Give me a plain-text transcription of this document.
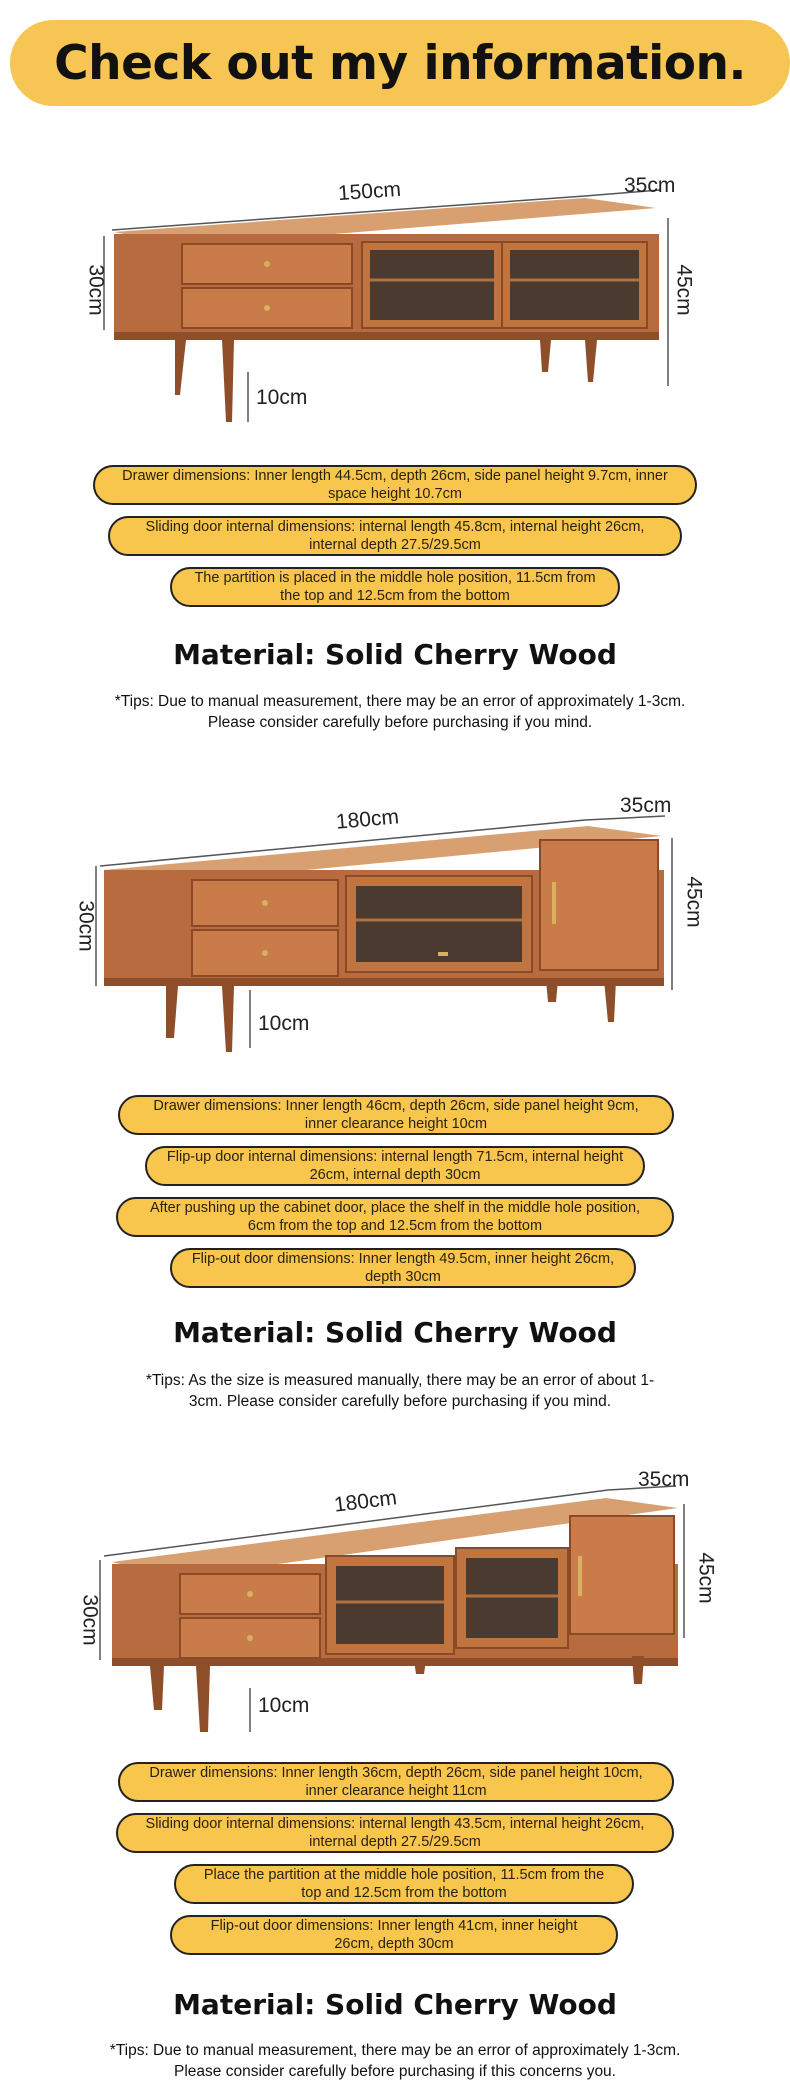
Check out my information.
150cm	35cm
45cm
30cm
10cm
Drawer dimensions: Inner length 44.5cm, depth 26cm, side panel height 9.7cm, inner space height 10.7cm
Sliding door internal dimensions: internal length 45.8cm, internal height 26cm, internal depth 27.5/29.5cm
The partition is placed in the middle hole position, 11.5cm from the top and 12.5cm from the bottom
Material: Solid Cherry Wood
*Tips: Due to manual measurement, there may be an error of approximately 1-3cm. Please consider carefully before purchasing if you mind.
180cm	35cm
45cm
30cm
10cm
Drawer dimensions: Inner length 46cm, depth 26cm, side panel height 9cm, inner clearance height 10cm
Flip-up door internal dimensions: internal length 71.5cm, internal height 26cm, internal depth 30cm
After pushing up the cabinet door, place the shelf in the middle hole position, 6cm from the top and 12.5cm from the bottom
Flip-out door dimensions: Inner length 49.5cm, inner height 26cm, depth 30cm
Material: Solid Cherry Wood
*Tips: As the size is measured manually, there may be an error of about 1-3cm. Please consider carefully before purchasing if you mind.
180cm
35cm
45cm
30cm
10cm
Drawer dimensions: Inner length 36cm, depth 26cm, side panel height 10cm, inner clearance height 11cm
Sliding door internal dimensions: internal length 43.5cm, internal height 26cm, internal depth 27.5/29.5cm
Place the partition at the middle hole position, 11.5cm from the top and 12.5cm from the bottom
Flip-out door dimensions: Inner length 41cm, inner height 26cm, depth 30cm
Material: Solid Cherry Wood
*Tips: Due to manual measurement, there may be an error of approximately 1-3cm. Please consider carefully before purchasing if this concerns you.
